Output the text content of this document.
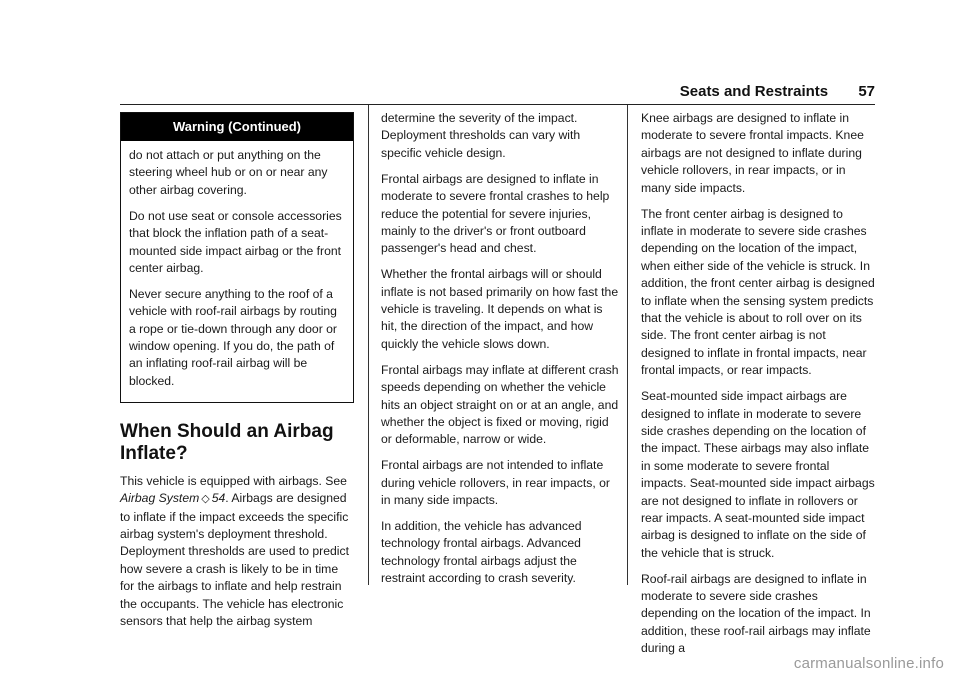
Seats and Restraints 57
Warning (Continued)

do not attach or put anything on the steering wheel hub or on or near any other airbag covering.

Do not use seat or console accessories that block the inflation path of a seat-mounted side impact airbag or the front center airbag.

Never secure anything to the roof of a vehicle with roof-rail airbags by routing a rope or tie-down through any door or window opening. If you do, the path of an inflating roof-rail airbag will be blocked.

When Should an Airbag Inflate?

This vehicle is equipped with airbags. See Airbag System ◇ 54. Airbags are designed to inflate if the impact exceeds the specific airbag system's deployment threshold. Deployment thresholds are used to predict how severe a crash is likely to be in time for the airbags to inflate and help restrain the occupants. The vehicle has electronic sensors that help the airbag system

determine the severity of the impact. Deployment thresholds can vary with specific vehicle design.

Frontal airbags are designed to inflate in moderate to severe frontal crashes to help reduce the potential for severe injuries, mainly to the driver's or front outboard passenger's head and chest.

Whether the frontal airbags will or should inflate is not based primarily on how fast the vehicle is traveling. It depends on what is hit, the direction of the impact, and how quickly the vehicle slows down.

Frontal airbags may inflate at different crash speeds depending on whether the vehicle hits an object straight on or at an angle, and whether the object is fixed or moving, rigid or deformable, narrow or wide.

Frontal airbags are not intended to inflate during vehicle rollovers, in rear impacts, or in many side impacts.

In addition, the vehicle has advanced technology frontal airbags. Advanced technology frontal airbags adjust the restraint according to crash severity.

Knee airbags are designed to inflate in moderate to severe frontal impacts. Knee airbags are not designed to inflate during vehicle rollovers, in rear impacts, or in many side impacts.

The front center airbag is designed to inflate in moderate to severe side crashes depending on the location of the impact, when either side of the vehicle is struck. In addition, the front center airbag is designed to inflate when the sensing system predicts that the vehicle is about to roll over on its side. The front center airbag is not designed to inflate in frontal impacts, near frontal impacts, or rear impacts.

Seat-mounted side impact airbags are designed to inflate in moderate to severe side crashes depending on the location of the impact. These airbags may also inflate in some moderate to severe frontal impacts. Seat-mounted side impact airbags are not designed to inflate in rollovers or rear impacts. A seat-mounted side impact airbag is designed to inflate on the side of the vehicle that is struck.

Roof-rail airbags are designed to inflate in moderate to severe side crashes depending on the location of the impact. In addition, these roof-rail airbags may inflate during a

carmanualsonline.info
